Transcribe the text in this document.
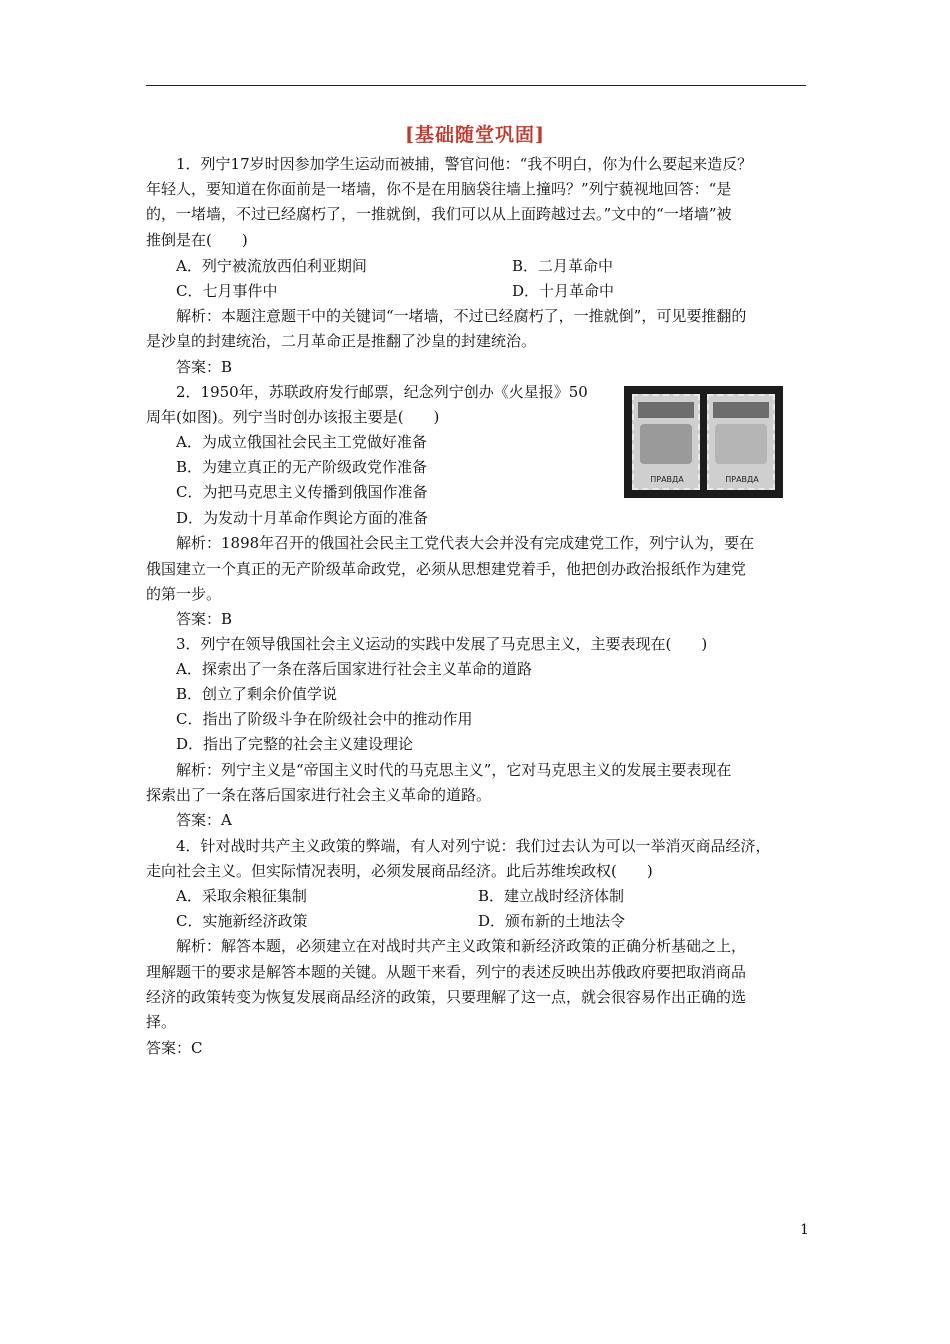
[基础随堂巩固]
1．列宁17岁时因参加学生运动而被捕，警官问他：“我不明白，你为什么要起来造反？
年轻人，要知道在你面前是一堵墙，你不是在用脑袋往墙上撞吗？”列宁藐视地回答：“是
的，一堵墙，不过已经腐朽了，一推就倒，我们可以从上面跨越过去。”文中的“一堵墙”被
推倒是在(　　)
A．列宁被流放西伯利亚期间	B．二月革命中
C．七月事件中	D．十月革命中
解析：本题注意题干中的关键词“一堵墙，不过已经腐朽了，一推就倒”，可见要推翻的
是沙皇的封建统治，二月革命正是推翻了沙皇的封建统治。
答案：B
2．1950年，苏联政府发行邮票，纪念列宁创办《火星报》50
周年(如图)。列宁当时创办该报主要是(　　)
A．为成立俄国社会民主工党做好准备
B．为建立真正的无产阶级政党作准备
C．为把马克思主义传播到俄国作准备
D．为发动十月革命作舆论方面的准备
解析：1898年召开的俄国社会民主工党代表大会并没有完成建党工作，列宁认为，要在
俄国建立一个真正的无产阶级革命政党，必须从思想建党着手，他把创办政治报纸作为建党
的第一步。
答案：B
ПРАВДА	ПРАВДА
3．列宁在领导俄国社会主义运动的实践中发展了马克思主义，主要表现在(　　)
A．探索出了一条在落后国家进行社会主义革命的道路
B．创立了剩余价值学说
C．指出了阶级斗争在阶级社会中的推动作用
D．指出了完整的社会主义建设理论
解析：列宁主义是“帝国主义时代的马克思主义”，它对马克思主义的发展主要表现在
探索出了一条在落后国家进行社会主义革命的道路。
答案：A
4．针对战时共产主义政策的弊端，有人对列宁说：我们过去认为可以一举消灭商品经济，
走向社会主义。但实际情况表明，必须发展商品经济。此后苏维埃政权(　　)
A．采取余粮征集制	B．建立战时经济体制
C．实施新经济政策	D．颁布新的土地法令
解析：解答本题，必须建立在对战时共产主义政策和新经济政策的正确分析基础之上，
理解题干的要求是解答本题的关键。从题干来看，列宁的表述反映出苏俄政府要把取消商品
经济的政策转变为恢复发展商品经济的政策，只要理解了这一点，就会很容易作出正确的选
择。
答案：C
1
